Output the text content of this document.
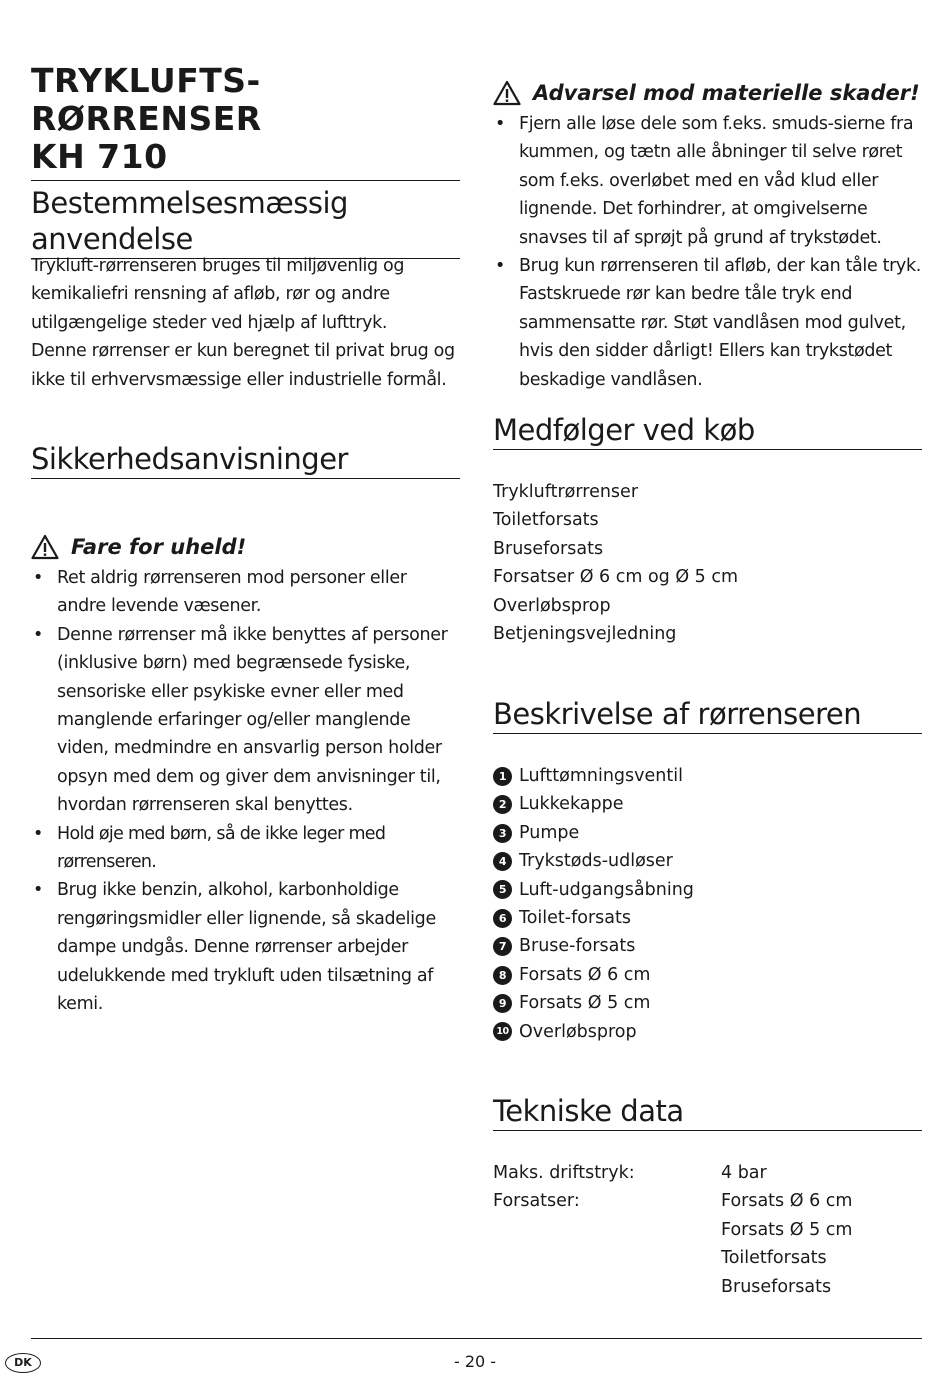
TRYKLUFTS-RØRRENSER
KH 710
Bestemmelsesmæssig anvendelse

Trykluft-rørrenseren bruges til miljøvenlig og kemikaliefri rensning af afløb, rør og andre utilgængelige steder ved hjælp af lufttryk.

Denne rørrenser er kun beregnet til privat brug og ikke til erhvervsmæssige eller industrielle formål.

Sikkerhedsanvisninger
Fare for uheld!
• Ret aldrig rørrenseren mod personer eller andre levende væsener.
• Denne rørrenser må ikke benyttes af personer (inklusive børn) med begrænsede fysiske, sensoriske eller psykiske evner eller med manglende erfaringer og/eller manglende viden, medmindre en ansvarlig person holder opsyn med dem og giver dem anvisninger til, hvordan rørrenseren skal benyttes.
• Hold øje med børn, så de ikke leger med rørrenseren.
• Brug ikke benzin, alkohol, karbonholdige rengøringsmidler eller lignende, så skadelige dampe undgås. Denne rørrenser arbejder udelukkende med trykluft uden tilsætning af kemi.
Advarsel mod materielle skader!
• Fjern alle løse dele som f.eks. smuds-sierne fra kummen, og tætn alle åbninger til selve røret som f.eks. overløbet med en våd klud eller lignende. Det forhindrer, at omgivelserne snavses til af sprøjt på grund af trykstødet.
• Brug kun rørrenseren til afløb, der kan tåle tryk. Fastskruede rør kan bedre tåle tryk end sammensatte rør. Støt vandlåsen mod gulvet, hvis den sidder dårligt! Ellers kan trykstødet beskadige vandlåsen.
Medfølger ved køb
Trykluftrørrenser
Toiletforsats
Bruseforsats
Forsatser Ø 6 cm og Ø 5 cm
Overløbsprop
Betjeningsvejledning
Beskrivelse af rørrenseren
1 Lufttømningsventil
2 Lukkekappe
3 Pumpe
4 Trykstøds-udløser
5 Luft-udgangsåbning
6 Toilet-forsats
7 Bruse-forsats
8 Forsats Ø 6 cm
9 Forsats Ø 5 cm
10 Overløbsprop
Tekniske data
Maks. driftstryk:	4 bar
Forsatser:	Forsats Ø 6 cm
Forsats Ø 5 cm
Toiletforsats
Bruseforsats
DK	- 20 -
